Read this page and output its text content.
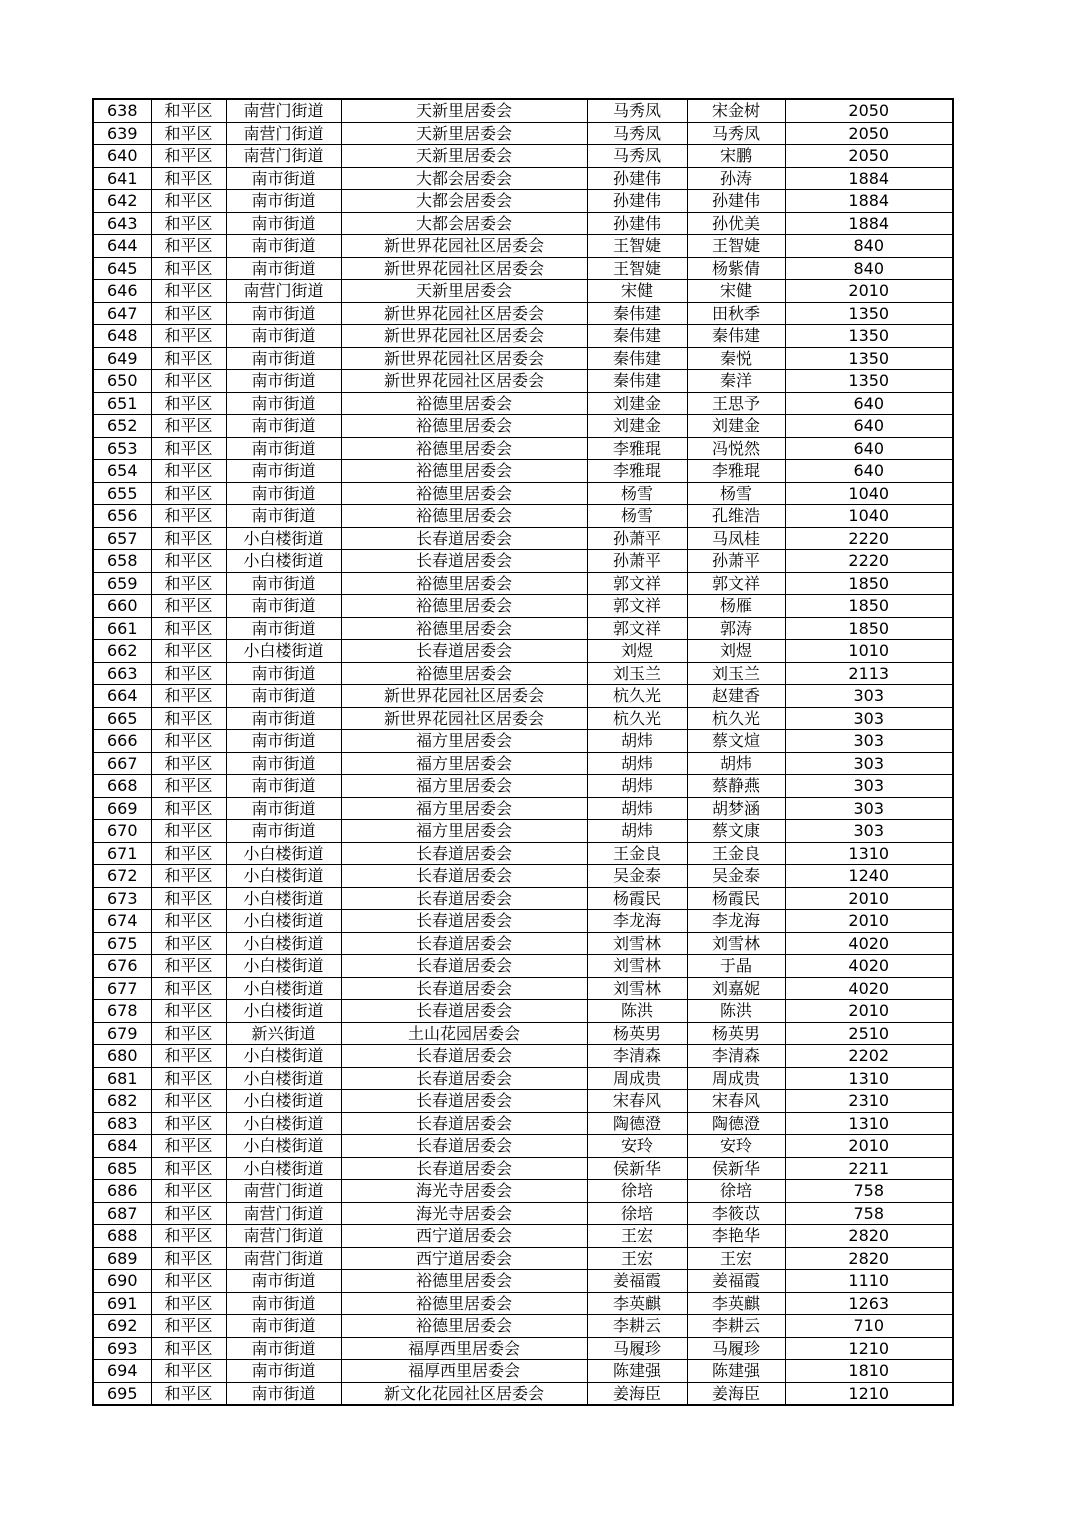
638	和平区	南营门街道	天新里居委会	马秀凤	宋金树	2050
639	和平区	南营门街道	天新里居委会	马秀凤	马秀凤	2050
640	和平区	南营门街道	天新里居委会	马秀凤	宋鹏	2050
641	和平区	南市街道	大都会居委会	孙建伟	孙涛	1884
642	和平区	南市街道	大都会居委会	孙建伟	孙建伟	1884
643	和平区	南市街道	大都会居委会	孙建伟	孙优美	1884
644	和平区	南市街道	新世界花园社区居委会	王智婕	王智婕	840
645	和平区	南市街道	新世界花园社区居委会	王智婕	杨紫倩	840
646	和平区	南营门街道	天新里居委会	宋健	宋健	2010
647	和平区	南市街道	新世界花园社区居委会	秦伟建	田秋季	1350
648	和平区	南市街道	新世界花园社区居委会	秦伟建	秦伟建	1350
649	和平区	南市街道	新世界花园社区居委会	秦伟建	秦悦	1350
650	和平区	南市街道	新世界花园社区居委会	秦伟建	秦洋	1350
651	和平区	南市街道	裕德里居委会	刘建金	王思予	640
652	和平区	南市街道	裕德里居委会	刘建金	刘建金	640
653	和平区	南市街道	裕德里居委会	李雅琨	冯悦然	640
654	和平区	南市街道	裕德里居委会	李雅琨	李雅琨	640
655	和平区	南市街道	裕德里居委会	杨雪	杨雪	1040
656	和平区	南市街道	裕德里居委会	杨雪	孔维浩	1040
657	和平区	小白楼街道	长春道居委会	孙萧平	马凤桂	2220
658	和平区	小白楼街道	长春道居委会	孙萧平	孙萧平	2220
659	和平区	南市街道	裕德里居委会	郭文祥	郭文祥	1850
660	和平区	南市街道	裕德里居委会	郭文祥	杨雁	1850
661	和平区	南市街道	裕德里居委会	郭文祥	郭涛	1850
662	和平区	小白楼街道	长春道居委会	刘煜	刘煜	1010
663	和平区	南市街道	裕德里居委会	刘玉兰	刘玉兰	2113
664	和平区	南市街道	新世界花园社区居委会	杭久光	赵建香	303
665	和平区	南市街道	新世界花园社区居委会	杭久光	杭久光	303
666	和平区	南市街道	福方里居委会	胡炜	蔡文煊	303
667	和平区	南市街道	福方里居委会	胡炜	胡炜	303
668	和平区	南市街道	福方里居委会	胡炜	蔡静燕	303
669	和平区	南市街道	福方里居委会	胡炜	胡梦涵	303
670	和平区	南市街道	福方里居委会	胡炜	蔡文康	303
671	和平区	小白楼街道	长春道居委会	王金良	王金良	1310
672	和平区	小白楼街道	长春道居委会	吴金泰	吴金泰	1240
673	和平区	小白楼街道	长春道居委会	杨霞民	杨霞民	2010
674	和平区	小白楼街道	长春道居委会	李龙海	李龙海	2010
675	和平区	小白楼街道	长春道居委会	刘雪林	刘雪林	4020
676	和平区	小白楼街道	长春道居委会	刘雪林	于晶	4020
677	和平区	小白楼街道	长春道居委会	刘雪林	刘嘉妮	4020
678	和平区	小白楼街道	长春道居委会	陈洪	陈洪	2010
679	和平区	新兴街道	土山花园居委会	杨英男	杨英男	2510
680	和平区	小白楼街道	长春道居委会	李清森	李清森	2202
681	和平区	小白楼街道	长春道居委会	周成贵	周成贵	1310
682	和平区	小白楼街道	长春道居委会	宋春风	宋春风	2310
683	和平区	小白楼街道	长春道居委会	陶德澄	陶德澄	1310
684	和平区	小白楼街道	长春道居委会	安玲	安玲	2010
685	和平区	小白楼街道	长春道居委会	侯新华	侯新华	2211
686	和平区	南营门街道	海光寺居委会	徐培	徐培	758
687	和平区	南营门街道	海光寺居委会	徐培	李筱苡	758
688	和平区	南营门街道	西宁道居委会	王宏	李艳华	2820
689	和平区	南营门街道	西宁道居委会	王宏	王宏	2820
690	和平区	南市街道	裕德里居委会	姜福霞	姜福霞	1110
691	和平区	南市街道	裕德里居委会	李英麒	李英麒	1263
692	和平区	南市街道	裕德里居委会	李耕云	李耕云	710
693	和平区	南市街道	福厚西里居委会	马履珍	马履珍	1210
694	和平区	南市街道	福厚西里居委会	陈建强	陈建强	1810
695	和平区	南市街道	新文化花园社区居委会	姜海臣	姜海臣	1210
